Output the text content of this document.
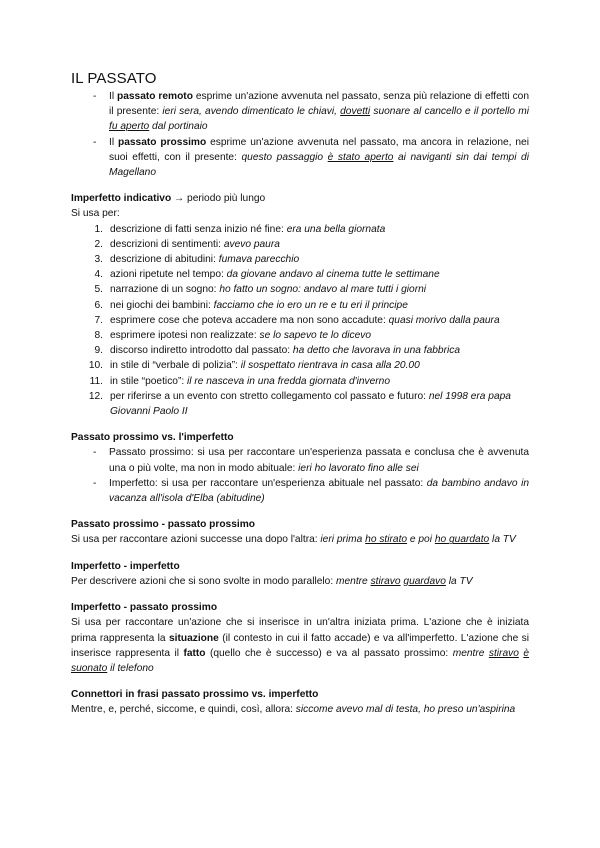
IL PASSATO
- Il passato remoto esprime un'azione avvenuta nel passato, senza più relazione di effetti con il presente: ieri sera, avendo dimenticato le chiavi, dovetti suonare al cancello e il portello mi fu aperto dal portinaio
- Il passato prossimo esprime un'azione avvenuta nel passato, ma ancora in relazione, nei suoi effetti, con il presente: questo passaggio è stato aperto ai naviganti sin dai tempi di Magellano
Imperfetto indicativo → periodo più lungo
Si usa per:
1. descrizione di fatti senza inizio né fine: era una bella giornata
2. descrizioni di sentimenti: avevo paura
3. descrizione di abitudini: fumava parecchio
4. azioni ripetute nel tempo: da giovane andavo al cinema tutte le settimane
5. narrazione di un sogno: ho fatto un sogno: andavo al mare tutti i giorni
6. nei giochi dei bambini: facciamo che io ero un re e tu eri il principe
7. esprimere cose che poteva accadere ma non sono accadute: quasi morivo dalla paura
8. esprimere ipotesi non realizzate: se lo sapevo te lo dicevo
9. discorso indiretto introdotto dal passato: ha detto che lavorava in una fabbrica
10. in stile di “verbale di polizia”: il sospettato rientrava in casa alla 20.00
11. in stile “poetico”: il re nasceva in una fredda giornata d'inverno
12. per riferirse a un evento con stretto collegamento col passato e futuro: nel 1998 era papa Giovanni Paolo II
Passato prossimo vs. l'imperfetto
- Passato prossimo: si usa per raccontare un'esperienza passata e conclusa che è avvenuta una o più volte, ma non in modo abituale: ieri ho lavorato fino alle sei
- Imperfetto: si usa per raccontare un'esperienza abituale nel passato: da bambino andavo in vacanza all'isola d'Elba (abitudine)
Passato prossimo - passato prossimo
Si usa per raccontare azioni successe una dopo l'altra: ieri prima ho stirato e poi ho guardato la TV
Imperfetto - imperfetto
Per descrivere azioni che si sono svolte in modo parallelo: mentre stiravo guardavo la TV
Imperfetto - passato prossimo
Si usa per raccontare un'azione che si inserisce in un'altra iniziata prima. L'azione che è iniziata prima rappresenta la situazione (il contesto in cui il fatto accade) e va all'imperfetto. L'azione che si inserisce rappresenta il fatto (quello che è successo) e va al passato prossimo: mentre stiravo è suonato il telefono
Connettori in frasi passato prossimo vs. imperfetto
Mentre, e, perché, siccome, e quindi, così, allora: siccome avevo mal di testa, ho preso un'aspirina
